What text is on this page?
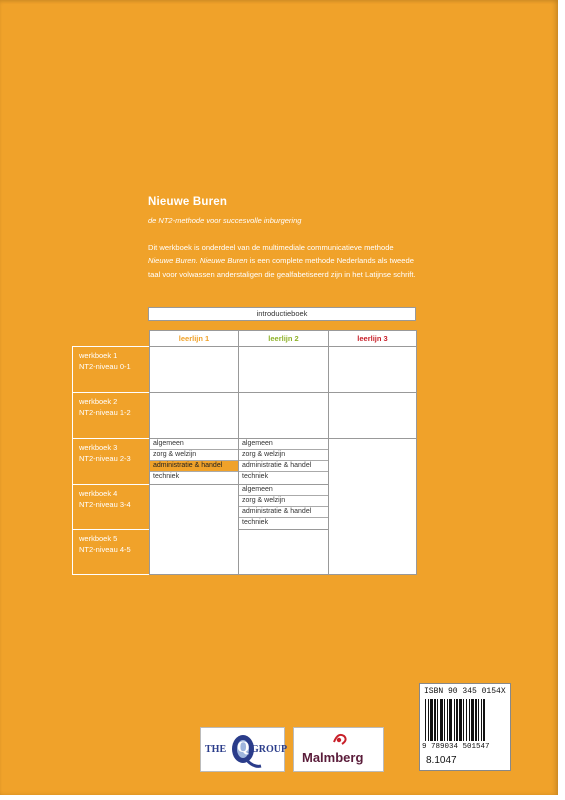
Nieuwe Buren
de NT2-methode voor succesvolle inburgering
Dit werkboek is onderdeel van de multimediale communicatieve methode Nieuwe Buren. Nieuwe Buren is een complete methode Nederlands als tweede taal voor volwassen anderstaligen die gealfabetiseerd zijn in het Latijnse schrift.
introductieboek
leerlijn 1	leerlijn 2	leerlijn 3
werkboek 1
NT2-niveau 0-1
werkboek 2
NT2-niveau 1-2
werkboek 3
NT2-niveau 2-3
werkboek 4
NT2-niveau 3-4
werkboek 5
NT2-niveau 4-5
algemeen
zorg & welzijn
administratie & handel
techniek
algemeen
zorg & welzijn
administratie & handel
techniek
algemeen
zorg & welzijn
administratie & handel
techniek
ISBN 90 345 0154X
9 789034 501547
8.1047
THE Q GROUP
Malmberg
